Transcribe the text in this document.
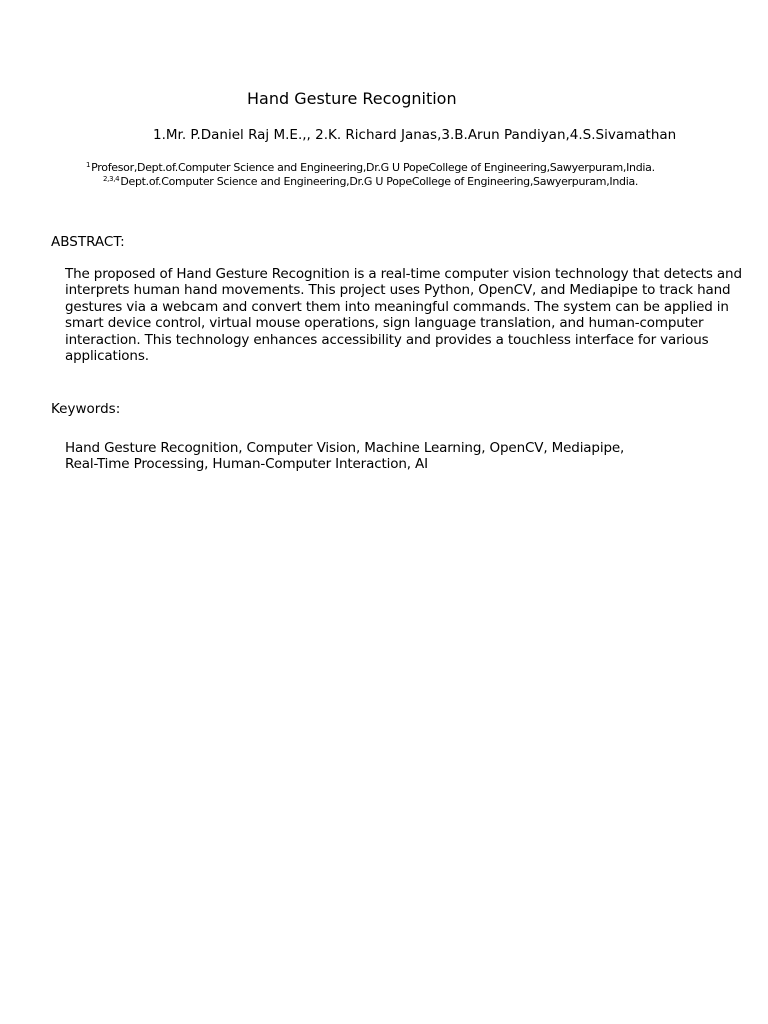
Hand Gesture Recognition
1.Mr. P.Daniel Raj M.E.,, 2.K. Richard Janas,3.B.Arun Pandiyan,4.S.Sivamathan
$^1$Profesor,Dept.of.Computer Science and Engineering,Dr.G U PopeCollege of Engineering,Sawyerpuram,India.
$^{2,3,4}$Dept.of.Computer Science and Engineering,Dr.G U PopeCollege of Engineering,Sawyerpuram,India.
ABSTRACT:
The proposed of Hand Gesture Recognition is a real-time computer vision technology that detects and
interprets human hand movements. This project uses Python, OpenCV, and Mediapipe to track hand
gestures via a webcam and convert them into meaningful commands. The system can be applied in
smart device control, virtual mouse operations, sign language translation, and human-computer
interaction. This technology enhances accessibility and provides a touchless interface for various
applications.
Keywords:
Hand Gesture Recognition, Computer Vision, Machine Learning, OpenCV, Mediapipe,
Real-Time Processing, Human-Computer Interaction, AI
